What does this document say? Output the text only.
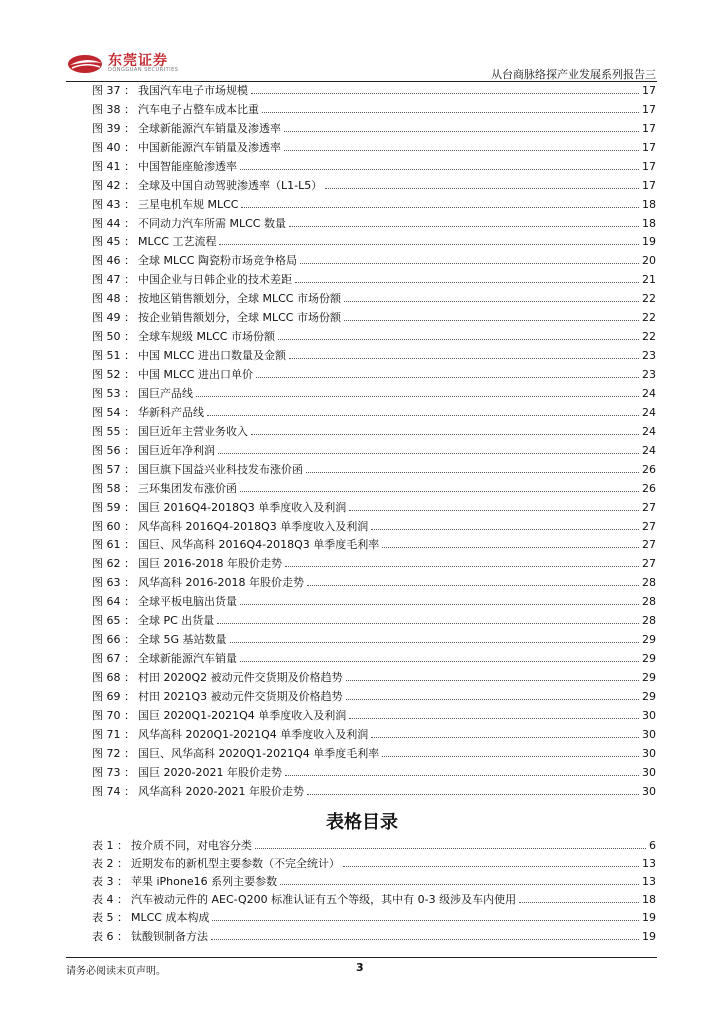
东莞证券
DONGGUAN SECURITIES	从台商脉络探产业发展系列报告三
图 37 ： 我国汽车电子市场规模	17
图 38 ： 汽车电子占整车成本比重	17
图 39 ： 全球新能源汽车销量及渗透率	17
图 40 ： 中国新能源汽车销量及渗透率	17
图 41 ： 中国智能座舱渗透率	17
图 42 ： 全球及中国自动驾驶渗透率（L1-L5）	17
图 43 ： 三星电机车规 MLCC	18
图 44 ： 不同动力汽车所需 MLCC 数量	18
图 45 ： MLCC 工艺流程	19
图 46 ： 全球 MLCC 陶瓷粉市场竞争格局	20
图 47 ： 中国企业与日韩企业的技术差距	21
图 48 ： 按地区销售额划分，全球 MLCC 市场份额	22
图 49 ： 按企业销售额划分，全球 MLCC 市场份额	22
图 50 ： 全球车规级 MLCC 市场份额	22
图 51 ： 中国 MLCC 进出口数量及金额	23
图 52 ： 中国 MLCC 进出口单价	23
图 53 ： 国巨产品线	24
图 54 ： 华新科产品线	24
图 55 ： 国巨近年主营业务收入	24
图 56 ： 国巨近年净利润	24
图 57 ： 国巨旗下国益兴业科技发布涨价函	26
图 58 ： 三环集团发布涨价函	26
图 59 ： 国巨 2016Q4-2018Q3 单季度收入及利润	27
图 60 ： 风华高科 2016Q4-2018Q3 单季度收入及利润	27
图 61 ： 国巨、风华高科 2016Q4-2018Q3 单季度毛利率	27
图 62 ： 国巨 2016-2018 年股价走势	27
图 63 ： 风华高科 2016-2018 年股价走势	28
图 64 ： 全球平板电脑出货量	28
图 65 ： 全球 PC 出货量	28
图 66 ： 全球 5G 基站数量	29
图 67 ： 全球新能源汽车销量	29
图 68 ： 村田 2020Q2 被动元件交货期及价格趋势	29
图 69 ： 村田 2021Q3 被动元件交货期及价格趋势	29
图 70 ： 国巨 2020Q1-2021Q4 单季度收入及利润	30
图 71 ： 风华高科 2020Q1-2021Q4 单季度收入及利润	30
图 72 ： 国巨、风华高科 2020Q1-2021Q4 单季度毛利率	30
图 73 ： 国巨 2020-2021 年股价走势	30
图 74 ： 风华高科 2020-2021 年股价走势	30
表格目录
表 1 ： 按介质不同，对电容分类	6
表 2 ： 近期发布的新机型主要参数（不完全统计）	13
表 3 ： 苹果 iPhone16 系列主要参数	13
表 4 ： 汽车被动元件的 AEC-Q200 标准认证有五个等级，其中有 0-3 级涉及车内使用	18
表 5 ： MLCC 成本构成	19
表 6 ： 钛酸钡制备方法	19
请务必阅读末页声明。	3
